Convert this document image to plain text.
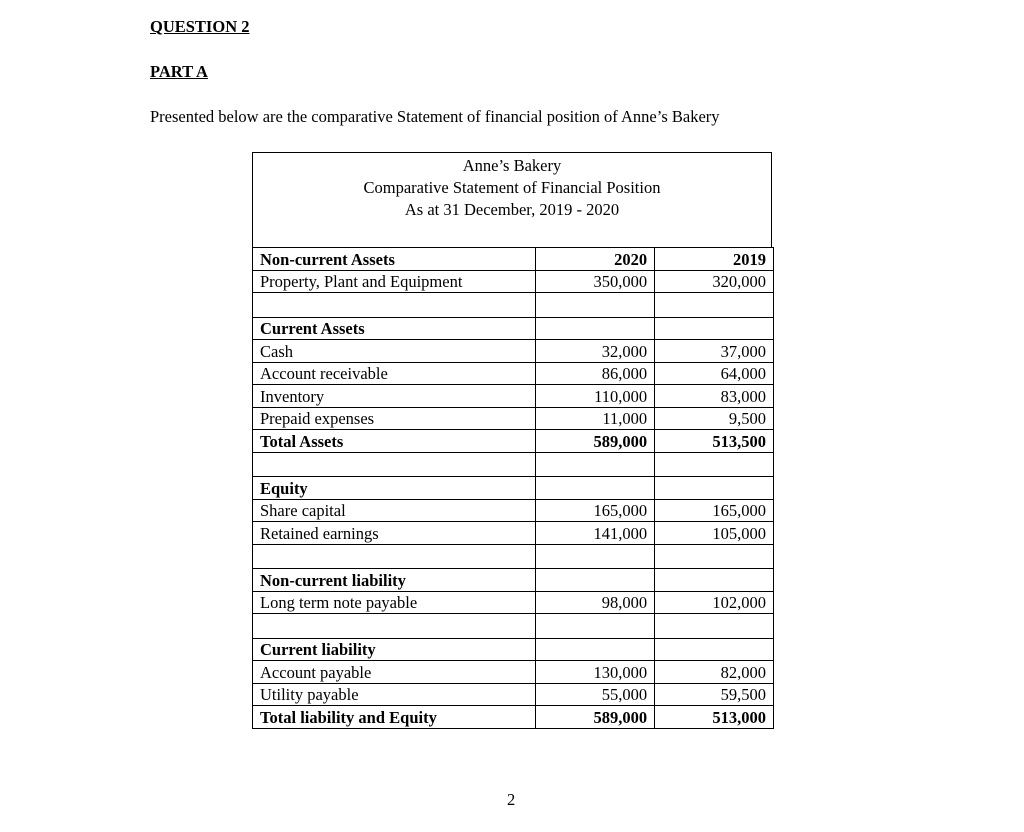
QUESTION 2
PART A
Presented below are the comparative Statement of financial position of Anne’s Bakery
Anne’s Bakery
Comparative Statement of Financial Position
As at 31 December, 2019 - 2020
Non-current Assets	2020	2019
Property, Plant and Equipment	350,000	320,000

Current Assets		
Cash	32,000	37,000
Account receivable	86,000	64,000
Inventory	110,000	83,000
Prepaid expenses	11,000	9,500
Total Assets	589,000	513,500

Equity		
Share capital	165,000	165,000
Retained earnings	141,000	105,000

Non-current liability		
Long term note payable	98,000	102,000

Current liability		
Account payable	130,000	82,000
Utility payable	55,000	59,500
Total liability and Equity	589,000	513,000
2
